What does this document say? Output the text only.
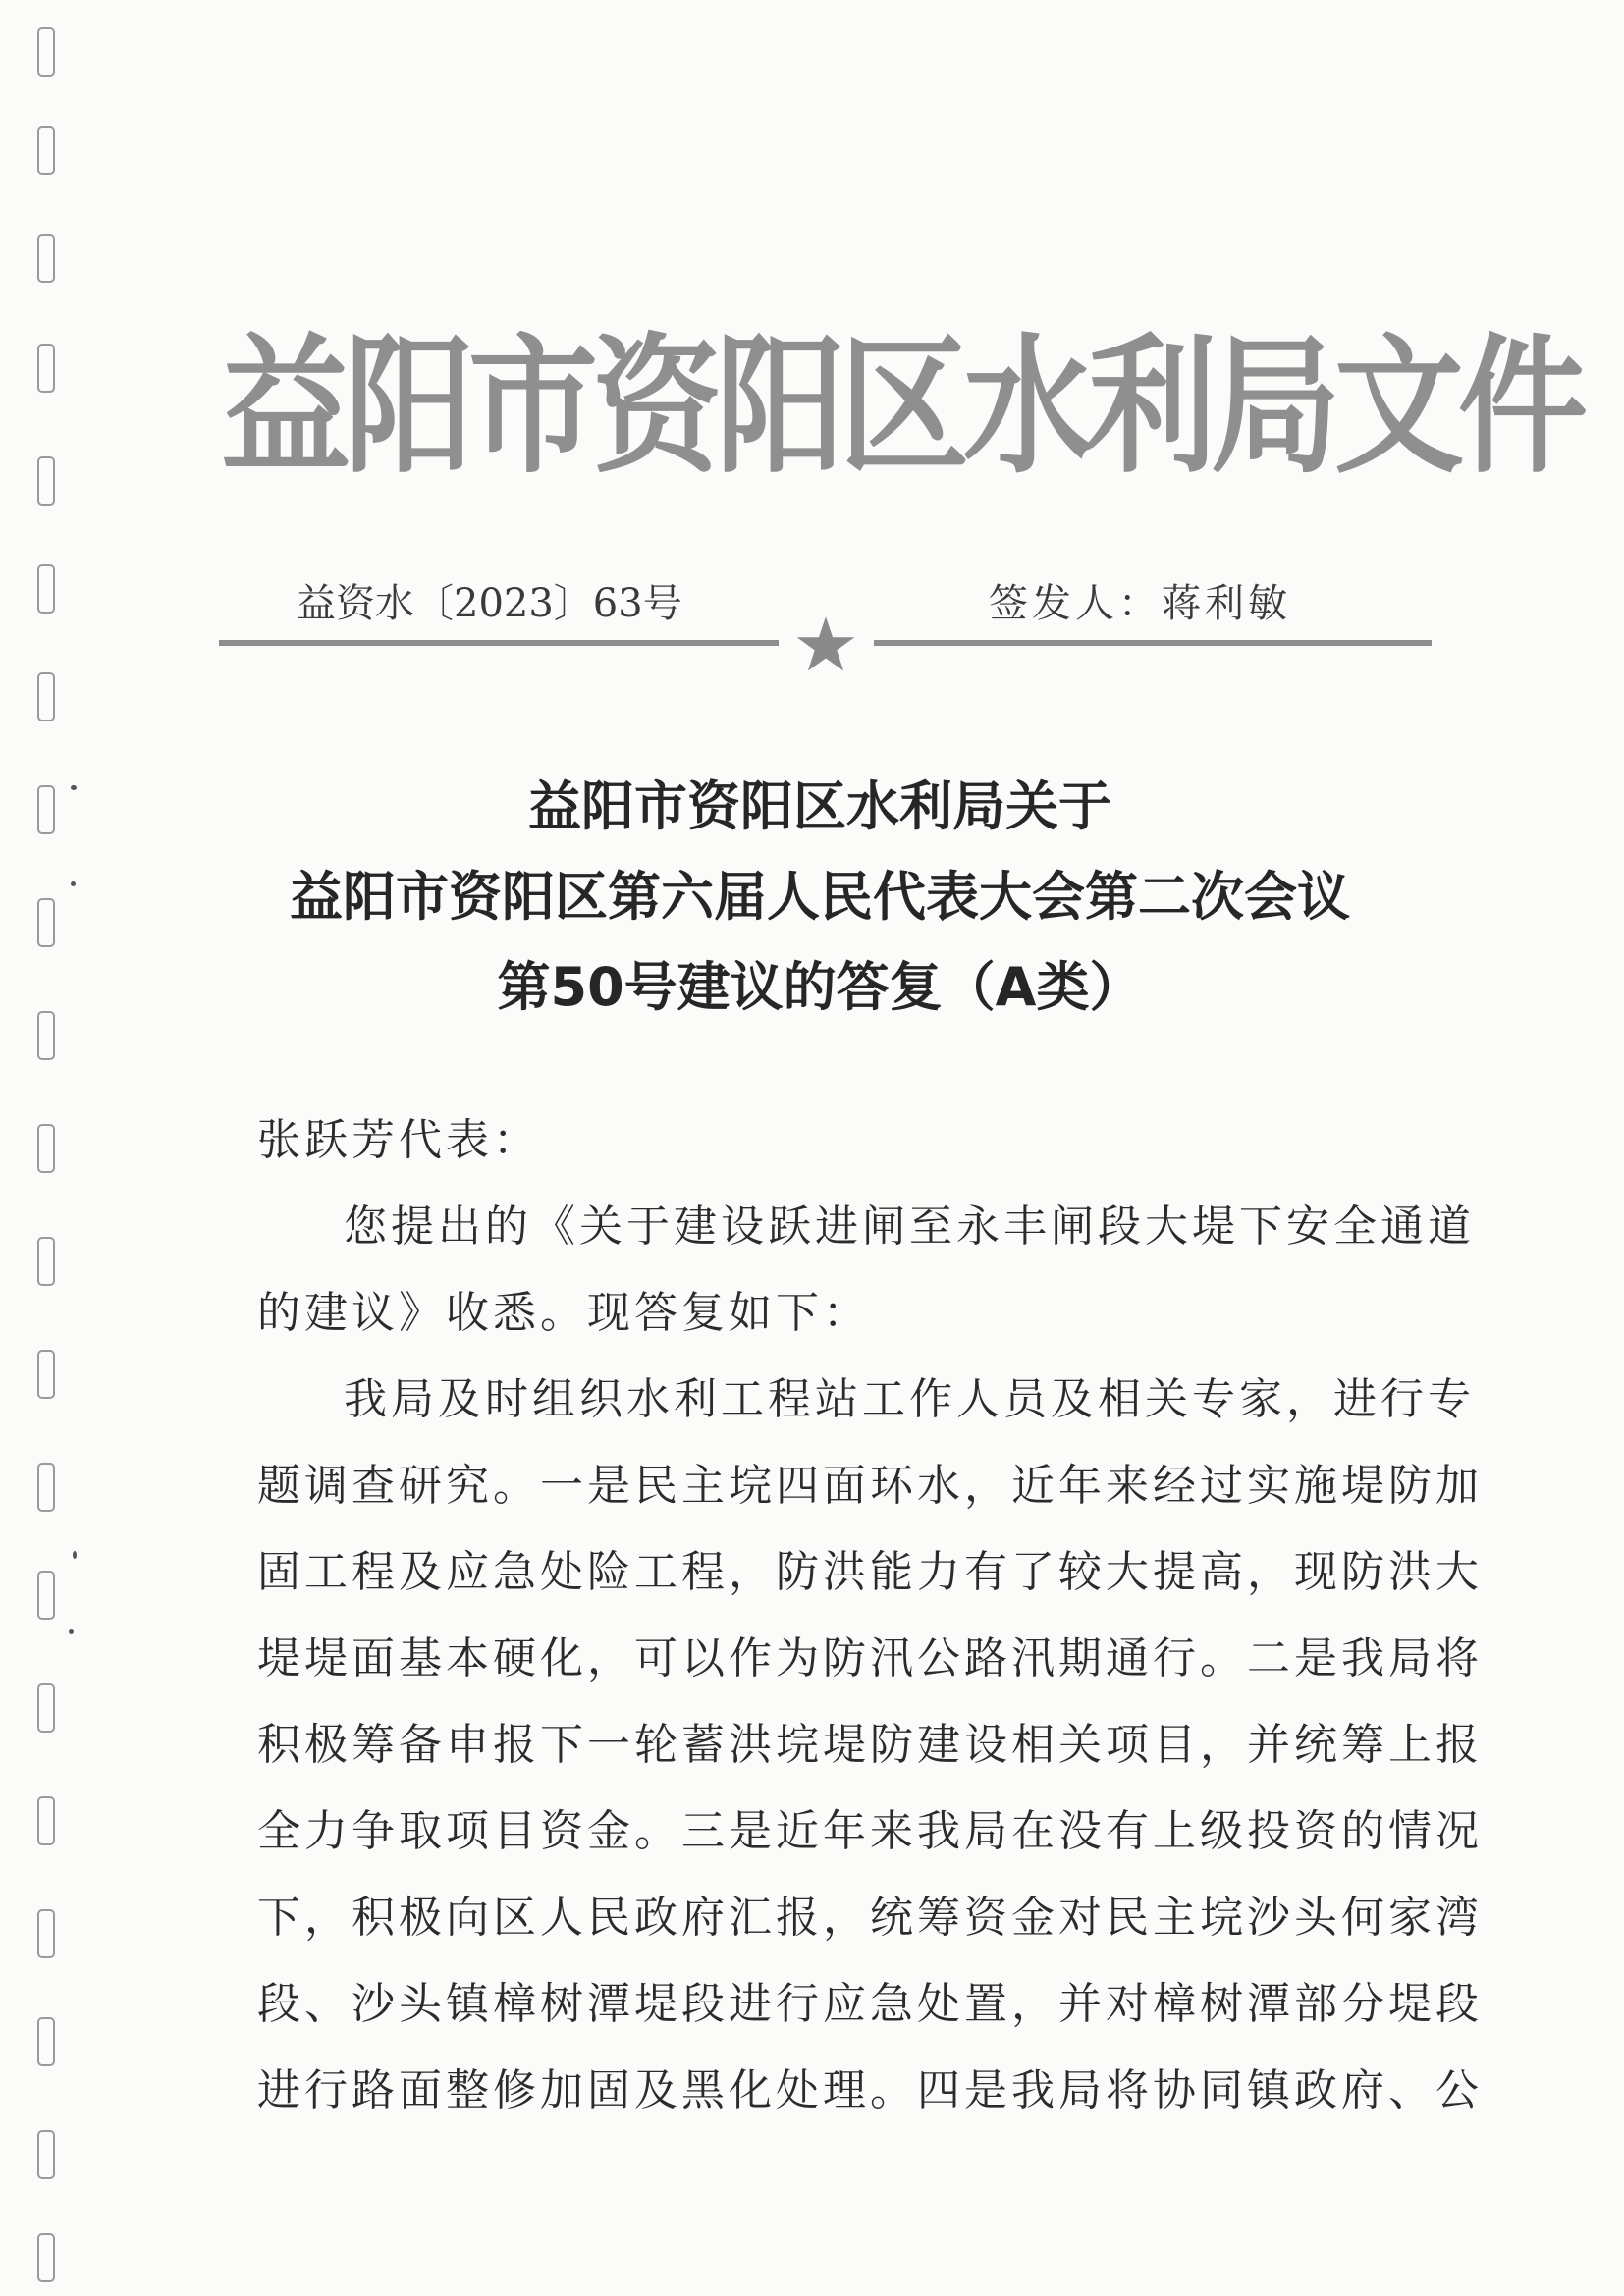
益阳市资阳区水利局文件
益资水〔2023〕63号	签发人：蒋利敏
益阳市资阳区水利局关于
益阳市资阳区第六届人民代表大会第二次会议
第50号建议的答复（A类）
张跃芳代表：
您提出的《关于建设跃进闸至永丰闸段大堤下安全通道
的建议》收悉。现答复如下：
我局及时组织水利工程站工作人员及相关专家，进行专
题调查研究。一是民主垸四面环水，近年来经过实施堤防加
固工程及应急处险工程，防洪能力有了较大提高，现防洪大
堤堤面基本硬化，可以作为防汛公路汛期通行。二是我局将
积极筹备申报下一轮蓄洪垸堤防建设相关项目，并统筹上报
全力争取项目资金。三是近年来我局在没有上级投资的情况
下，积极向区人民政府汇报，统筹资金对民主垸沙头何家湾
段、沙头镇樟树潭堤段进行应急处置，并对樟树潭部分堤段
进行路面整修加固及黑化处理。四是我局将协同镇政府、公
